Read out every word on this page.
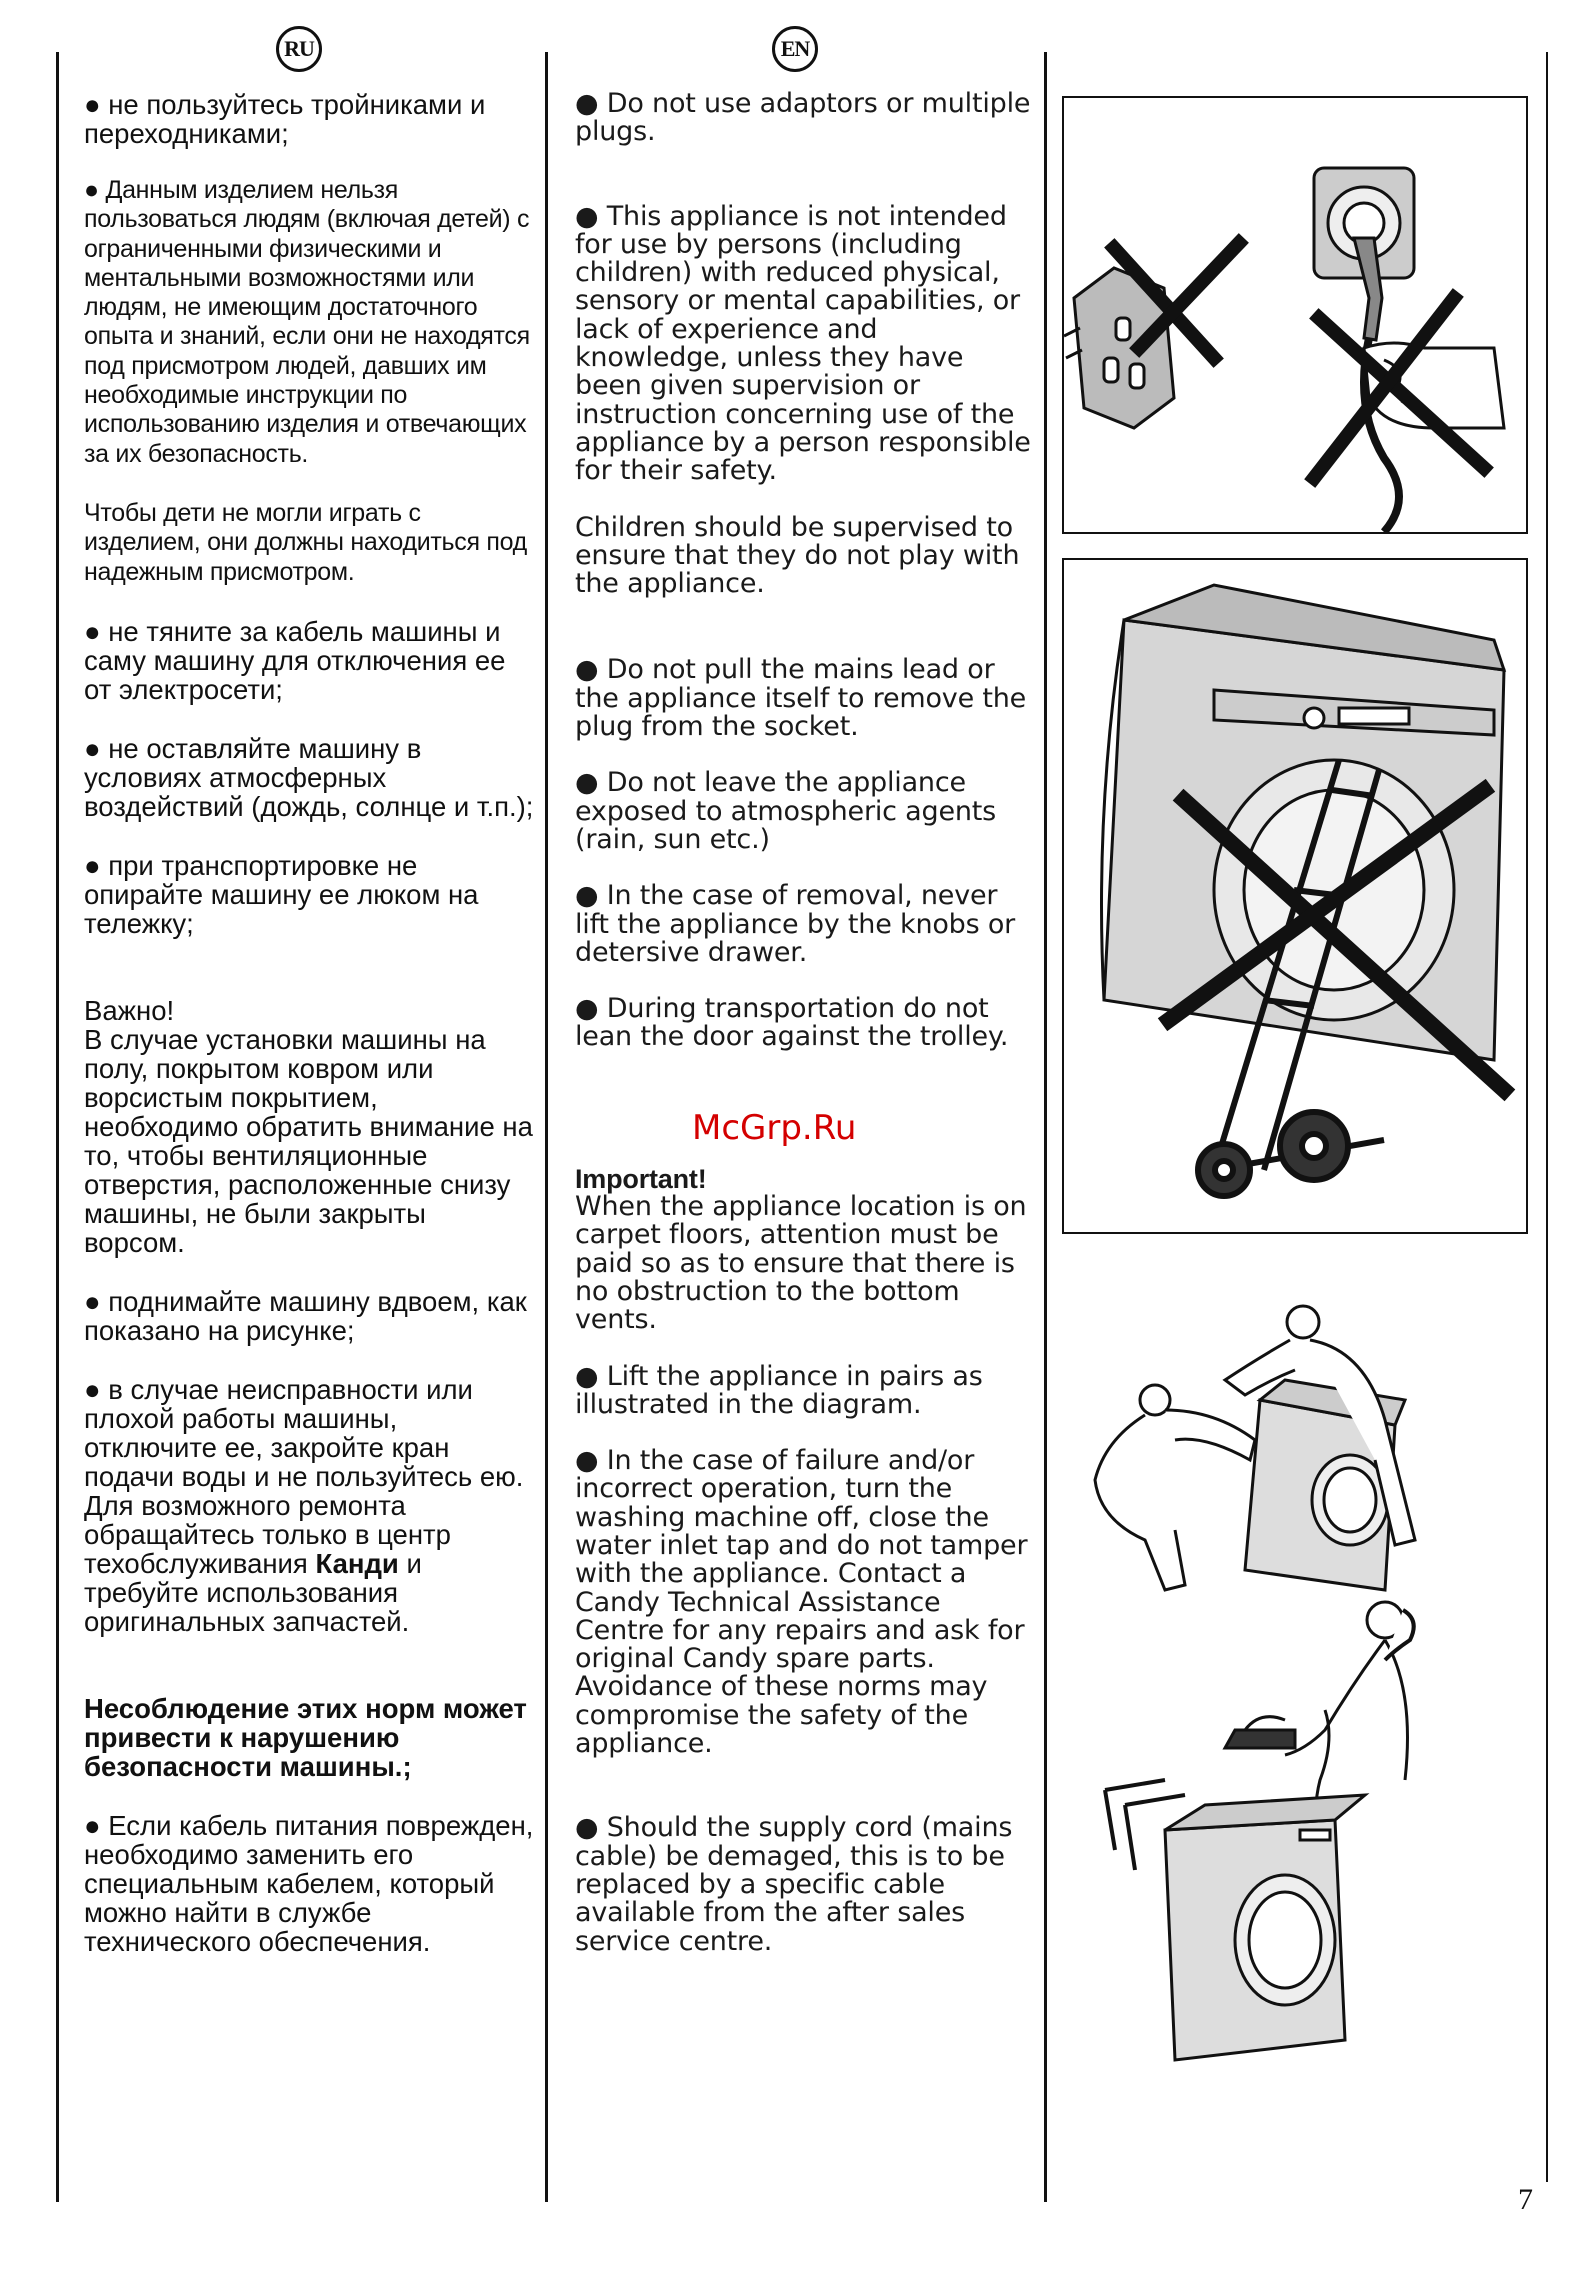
RU	EN

● не пользуйтесь тройниками и переходниками;

● Данным изделием нельзя пользоваться людям (включая детей) с ограниченными физическими и ментальными возможностями или людям, не имеющим достаточного опыта и знаний, если они не находятся под присмотром людей, давших им необходимые инструкции по использованию изделия и отвечающих за их безопасность.

Чтобы дети не могли играть с изделием, они должны находиться под надежным присмотром.

● не тяните за кабель машины и саму машину для отключения ее от электросети;

● не оставляйте машину в условиях атмосферных воздействий (дождь, солнце и т.п.);

● при транспортировке не опирайте машину ее люком на тележку;

Важно!

В случае установки машины на полу, покрытом ковром или ворсистым покрытием, необходимо обратить внимание на то, чтобы вентиляционные отверстия, расположенные снизу машины, не были закрыты ворсом.

● поднимайте машину вдвоем, как показано на рисунке;

● в случае неисправности или плохой работы машины, отключите ее, закройте кран подачи воды и не пользуйтесь ею. Для возможного ремонта обращайтесь только в центр техобслуживания Канди и требуйте использования оригинальных запчастей.

Несоблюдение этих норм может привести к нарушению безопасности машины.;

● Если кабель питания поврежден, необходимо заменить его специальным кабелем, который можно найти в службе технического обеспечения.

● Do not use adaptors or multiple plugs.

● This appliance is not intended for use by persons (including children) with reduced physical, sensory or mental capabilities, or lack of experience and knowledge, unless they have been given supervision or instruction concerning use of the appliance by a person responsible for their safety.

Children should be supervised to ensure that they do not play with the appliance.

● Do not pull the mains lead or the appliance itself to remove the plug from the socket.

● Do not leave the appliance exposed to atmospheric agents (rain, sun etc.)

● In the case of removal, never lift the appliance by the knobs or detersive drawer.

● During transportation do not lean the door against the trolley.

Important!

When the appliance location is on carpet floors, attention must be paid so as to ensure that there is no obstruction to the bottom vents.

● Lift the appliance in pairs as illustrated in the diagram.

● In the case of failure and/or incorrect operation, turn the washing machine off, close the water inlet tap and do not tamper with the appliance. Contact a Candy Technical Assistance Centre for any repairs and ask for original Candy spare parts. Avoidance of these norms may compromise the safety of the appliance.

● Should the supply cord (mains cable) be demaged, this is to be replaced by a specific cable available from the after sales service centre.

McGrp.Ru
7
